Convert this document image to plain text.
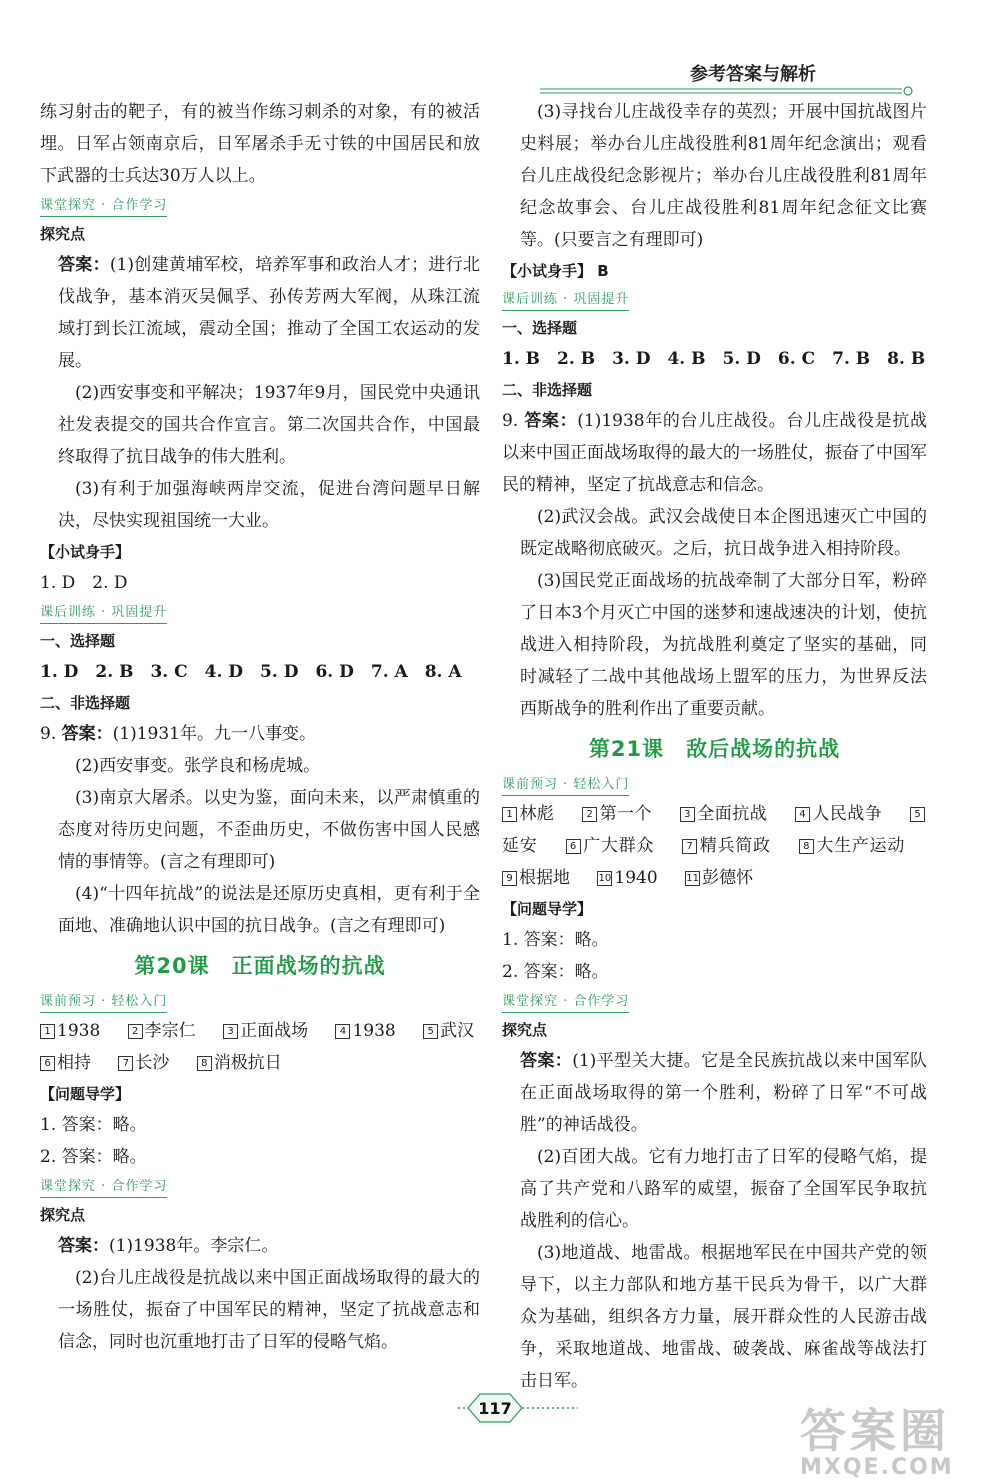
参考答案与解析

练习射击的靶子，有的被当作练习刺杀的对象，有的被活埋。日军占领南京后，日军屠杀手无寸铁的中国居民和放下武器的士兵达30万人以上。

课堂探究 · 合作学习

探究点

答案：(1)创建黄埔军校，培养军事和政治人才；进行北伐战争，基本消灭吴佩孚、孙传芳两大军阀，从珠江流域打到长江流域，震动全国；推动了全国工农运动的发展。

(2)西安事变和平解决；1937年9月，国民党中央通讯社发表提交的国共合作宣言。第二次国共合作，中国最终取得了抗日战争的伟大胜利。

(3)有利于加强海峡两岸交流，促进台湾问题早日解决，尽快实现祖国统一大业。

【小试身手】

1. D　2. D

课后训练 · 巩固提升

一、选择题

1. D　2. B　3. C　4. D　5. D　6. D　7. A　8. A

二、非选择题

9. 答案：(1)1931年。九一八事变。

(2)西安事变。张学良和杨虎城。

(3)南京大屠杀。以史为鉴，面向未来，以严肃慎重的态度对待历史问题，不歪曲历史，不做伤害中国人民感情的事情等。(言之有理即可)

(4)“十四年抗战”的说法是还原历史真相，更有利于全面地、准确地认识中国的抗日战争。(言之有理即可)

第20课　正面战场的抗战
课前预习 · 轻松入门

1 1938	2 李宗仁	3 正面战场	4 1938	5 武汉
6 相持	7 长沙	8 消极抗日

【问题导学】

1. 答案：略。

2. 答案：略。

课堂探究 · 合作学习

探究点

答案：(1)1938年。李宗仁。

(2)台儿庄战役是抗战以来中国正面战场取得的最大的一场胜仗，振奋了中国军民的精神，坚定了抗战意志和信念，同时也沉重地打击了日军的侵略气焰。

(3)寻找台儿庄战役幸存的英烈；开展中国抗战图片史料展；举办台儿庄战役胜利81周年纪念演出；观看台儿庄战役纪念影视片；举办台儿庄战役胜利81周年纪念故事会、台儿庄战役胜利81周年纪念征文比赛等。(只要言之有理即可)

【小试身手】 B

课后训练 · 巩固提升

一、选择题

1. B　2. B　3. D　4. B　5. D　6. C　7. B　8. B

二、非选择题

9. 答案：(1)1938年的台儿庄战役。台儿庄战役是抗战以来中国正面战场取得的最大的一场胜仗，振奋了中国军民的精神，坚定了抗战意志和信念。

(2)武汉会战。武汉会战使日本企图迅速灭亡中国的既定战略彻底破灭。之后，抗日战争进入相持阶段。

(3)国民党正面战场的抗战牵制了大部分日军，粉碎了日本3个月灭亡中国的迷梦和速战速决的计划，使抗战进入相持阶段，为抗战胜利奠定了坚实的基础，同时减轻了二战中其他战场上盟军的压力，为世界反法西斯战争的胜利作出了重要贡献。

第21课　敌后战场的抗战
课前预习 · 轻松入门

1 林彪	2 第一个	3 全面抗战	4 人民战争	5延安	6 广大群众	7 精兵简政	8 大生产运动 9 根据地	10 1940	11 彭德怀

【问题导学】

1. 答案：略。

2. 答案：略。

课堂探究 · 合作学习

探究点

答案：(1)平型关大捷。它是全民族抗战以来中国军队在正面战场取得的第一个胜利，粉碎了日军“不可战胜”的神话战役。

(2)百团大战。它有力地打击了日军的侵略气焰，提高了共产党和八路军的威望，振奋了全国军民争取抗战胜利的信心。

(3)地道战、地雷战。根据地军民在中国共产党的领导下，以主力部队和地方基干民兵为骨干，以广大群众为基础，组织各方力量，展开群众性的人民游击战争，采取地道战、地雷战、破袭战、麻雀战等战法打击日军。

117	答案圈
MXQE.COM
